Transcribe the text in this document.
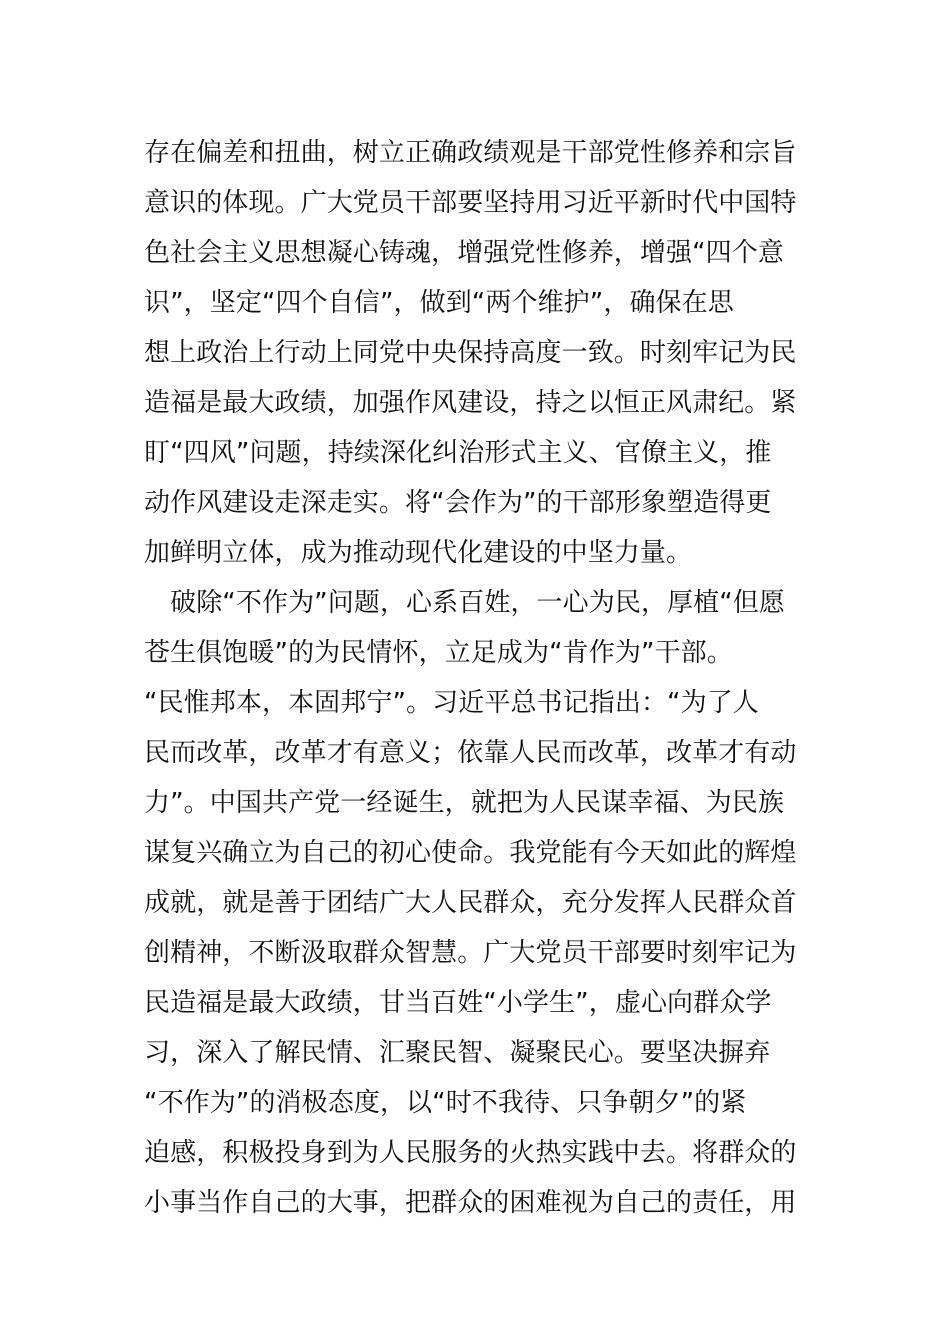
存在偏差和扭曲，树立正确政绩观是干部党性修养和宗旨
意识的体现。广大党员干部要坚持用习近平新时代中国特
色社会主义思想凝心铸魂，增强党性修养，增强“四个意
识”，坚定“四个自信”，做到“两个维护”，确保在思
想上政治上行动上同党中央保持高度一致。时刻牢记为民
造福是最大政绩，加强作风建设，持之以恒正风肃纪。紧
盯“四风”问题，持续深化纠治形式主义、官僚主义，推
动作风建设走深走实。将“会作为”的干部形象塑造得更
加鲜明立体，成为推动现代化建设的中坚力量。
　破除“不作为”问题，心系百姓，一心为民，厚植“但愿
苍生俱饱暖”的为民情怀，立足成为“肯作为”干部。
“民惟邦本，本固邦宁”。习近平总书记指出：“为了人
民而改革，改革才有意义；依靠人民而改革，改革才有动
力”。中国共产党一经诞生，就把为人民谋幸福、为民族
谋复兴确立为自己的初心使命。我党能有今天如此的辉煌
成就，就是善于团结广大人民群众，充分发挥人民群众首
创精神，不断汲取群众智慧。广大党员干部要时刻牢记为
民造福是最大政绩，甘当百姓“小学生”，虚心向群众学
习，深入了解民情、汇聚民智、凝聚民心。要坚决摒弃
“不作为”的消极态度，以“时不我待、只争朝夕”的紧
迫感，积极投身到为人民服务的火热实践中去。将群众的
小事当作自己的大事，把群众的困难视为自己的责任，用
